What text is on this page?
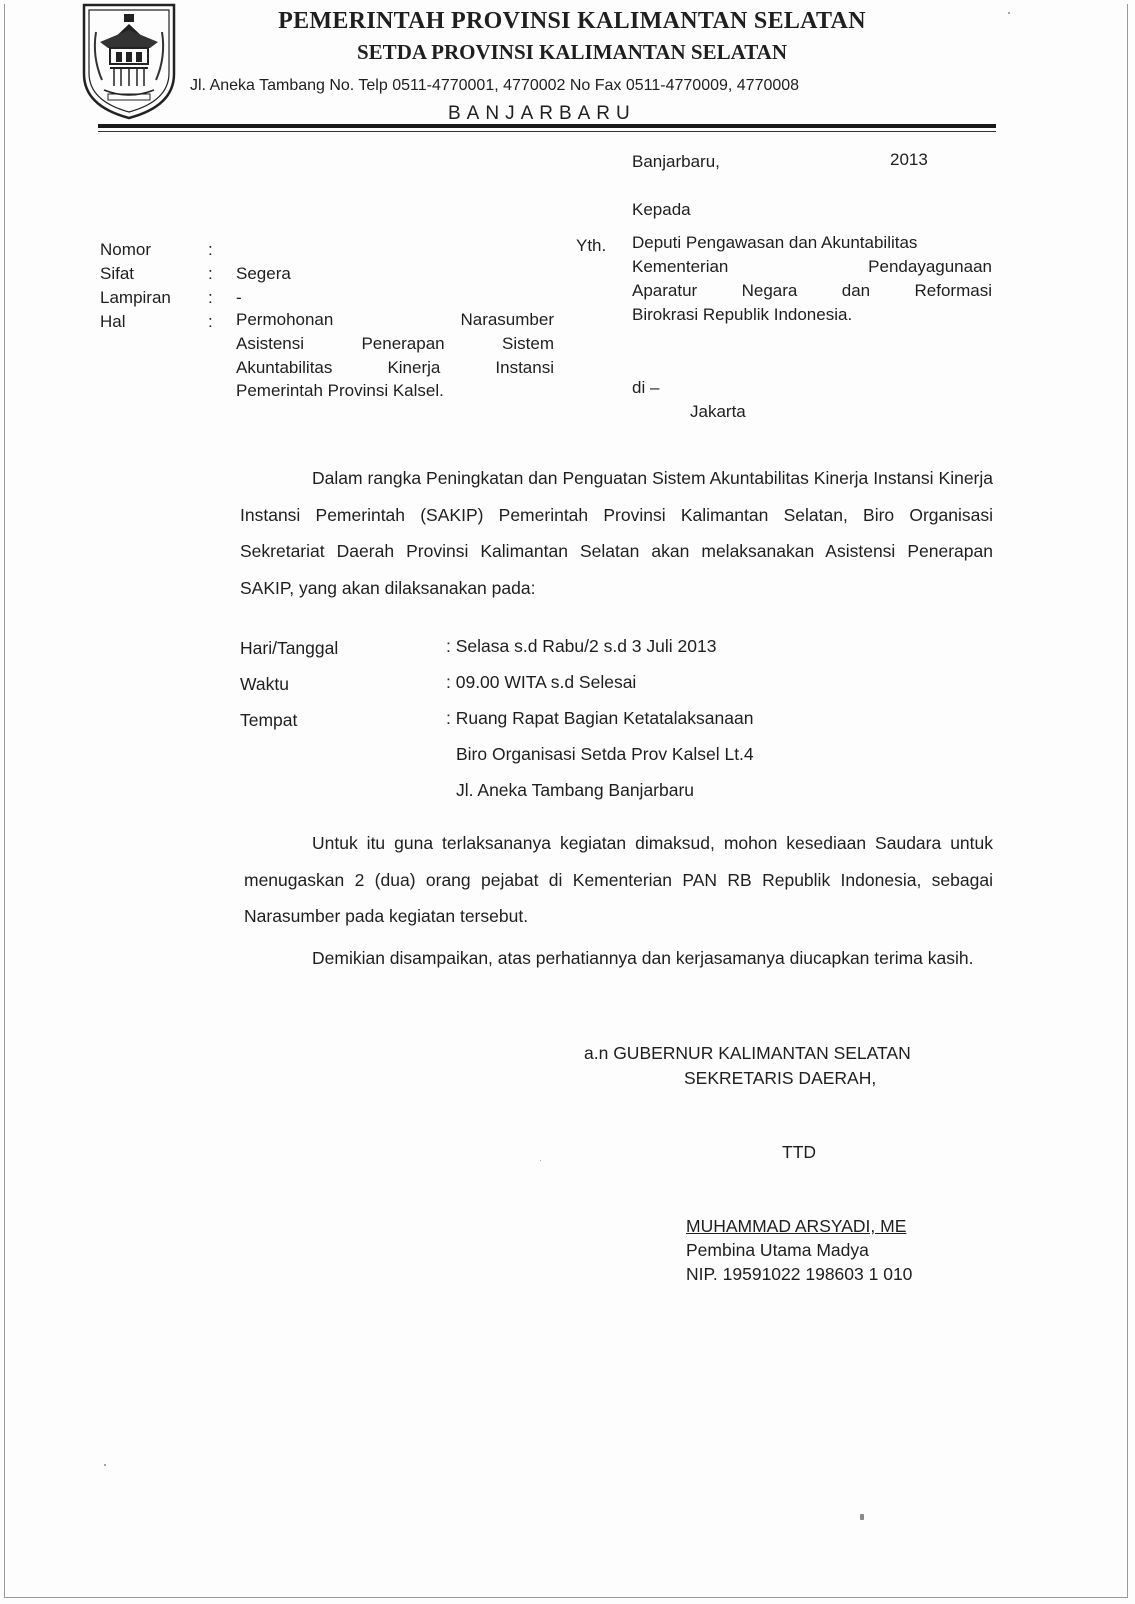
PEMERINTAH PROVINSI KALIMANTAN SELATAN
SETDA PROVINSI KALIMANTAN SELATAN
Jl. Aneka Tambang No. Telp 0511-4770001, 4770002 No Fax 0511-4770009, 4770008
BANJARBARU
Banjarbaru,	2013
Kepada
Yth. Deputi Pengawasan dan Akuntabilitas
Kementerian Pendayagunaan
Aparatur Negara dan Reformasi
Birokrasi Republik Indonesia.
di –
Jakarta
Nomor	:
Sifat	: Segera
Lampiran : -
Hal	: Permohonan Narasumber
Asistensi Penerapan Sistem
Akuntabilitas Kinerja Instansi
Pemerintah Provinsi Kalsel.
Dalam rangka Peningkatan dan Penguatan Sistem Akuntabilitas Kinerja Instansi Kinerja Instansi Pemerintah (SAKIP) Pemerintah Provinsi Kalimantan Selatan, Biro Organisasi Sekretariat Daerah Provinsi Kalimantan Selatan akan melaksanakan Asistensi Penerapan SAKIP, yang akan dilaksanakan pada:
Hari/Tanggal	: Selasa s.d Rabu/2 s.d 3 Juli 2013
Waktu	: 09.00 WITA s.d Selesai
Tempat	: Ruang Rapat Bagian Ketatalaksanaan
Biro Organisasi Setda Prov Kalsel Lt.4
Jl. Aneka Tambang Banjarbaru
Untuk itu guna terlaksananya kegiatan dimaksud, mohon kesediaan Saudara untuk menugaskan 2 (dua) orang pejabat di Kementerian PAN RB Republik Indonesia, sebagai Narasumber pada kegiatan tersebut.
Demikian disampaikan, atas perhatiannya dan kerjasamanya diucapkan terima kasih.
a.n GUBERNUR KALIMANTAN SELATAN
SEKRETARIS DAERAH,
TTD
MUHAMMAD ARSYADI, ME
Pembina Utama Madya
NIP. 19591022 198603 1 010
